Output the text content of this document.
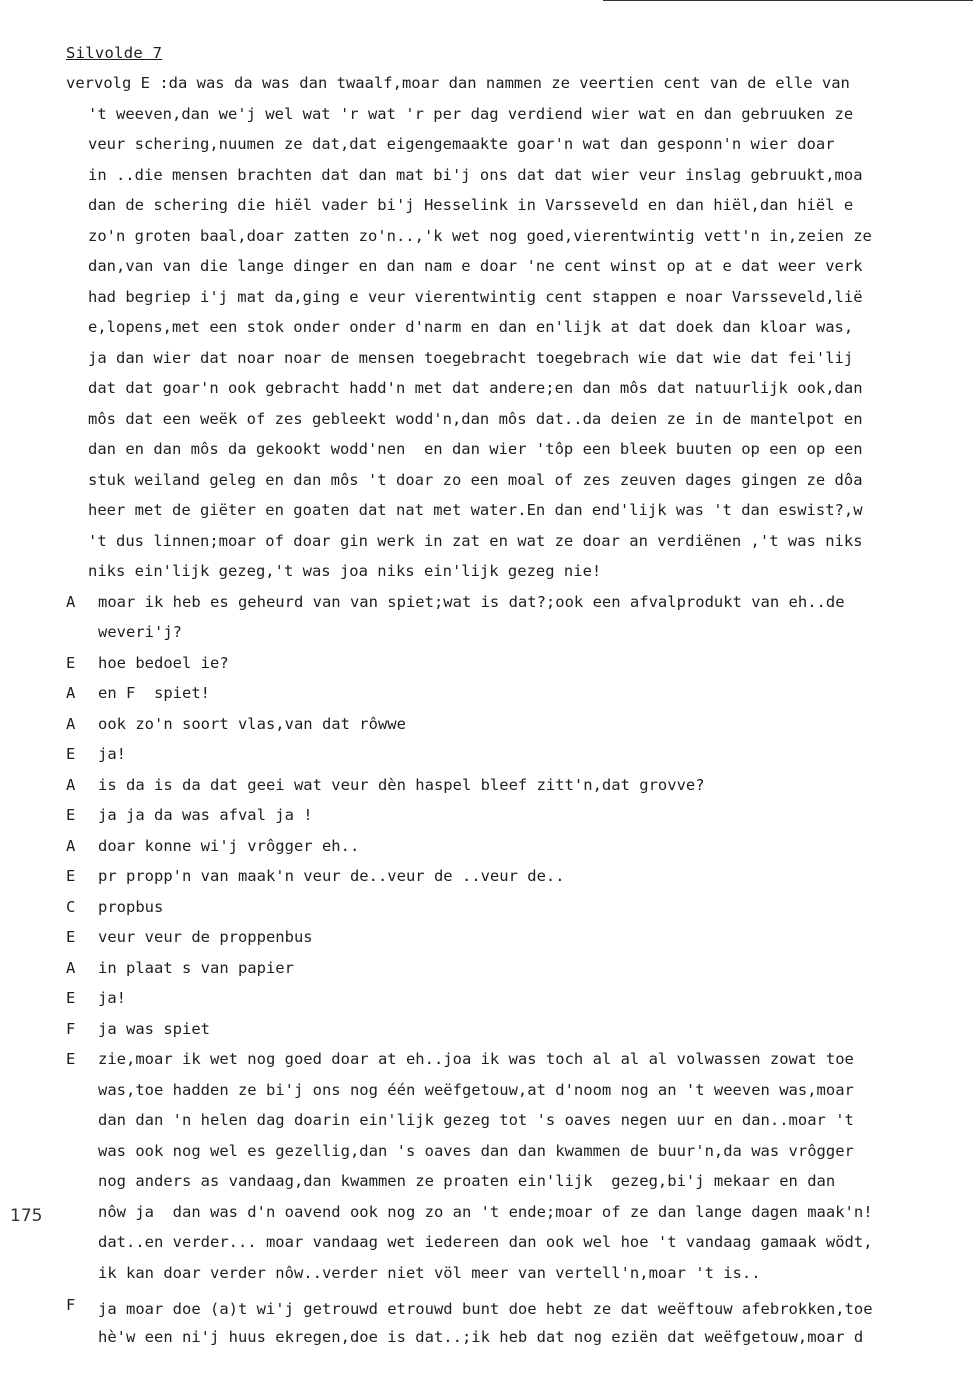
Silvolde 7
175
vervolg E :da was da was dan twaalf,moar dan nammen ze veertien cent van de elle van
't weeven,dan we'j wel wat 'r wat 'r per dag verdiend wier wat en dan gebruuken ze
veur schering,nuumen ze dat,dat eigengemaakte goar'n wat dan gesponn'n wier doar
in ..die mensen brachten dat dan mat bi'j ons dat dat wier veur inslag gebruukt,moa
dan de schering die hiël vader bi'j Hesselink in Varsseveld en dan hiël,dan hiël e
zo'n groten baal,doar zatten zo'n..,'k wet nog goed,vierentwintig vett'n in,zeien ze
dan,van van die lange dinger en dan nam e doar 'ne cent winst op at e dat weer verk
had begriep i'j mat da,ging e veur vierentwintig cent stappen e noar Varsseveld,lië
e,lopens,met een stok onder onder d'narm en dan en'lijk at dat doek dan kloar was,
ja dan wier dat noar noar de mensen toegebracht toegebrach wie dat wie dat fei'lij
dat dat goar'n ook gebracht hadd'n met dat andere;en dan môs dat natuurlijk ook,dan
môs dat een weëk of zes gebleekt wodd'n,dan môs dat..da deien ze in de mantelpot en
dan en dan môs da gekookt wodd'nen  en dan wier 'tôp een bleek buuten op een op een
stuk weiland geleg en dan môs 't doar zo een moal of zes zeuven dages gingen ze dôa
heer met de giëter en goaten dat nat met water.En dan end'lijk was 't dan eswist?,w
't dus linnen;moar of doar gin werk in zat en wat ze doar an verdiënen ,'t was niks
niks ein'lijk gezeg,'t was joa niks ein'lijk gezeg nie!
A moar ik heb es geheurd van van spiet;wat is dat?;ook een afvalprodukt van eh..de
weveri'j?
E hoe bedoel ie?
A en F  spiet!
A ook zo'n soort vlas,van dat rôwwe
E ja!
A is da is da dat geei wat veur dèn haspel bleef zitt'n,dat grovve?
E ja ja da was afval ja !
A doar konne wi'j vrôgger eh..
E pr propp'n van maak'n veur de..veur de ..veur de..
C propbus
E veur veur de proppenbus
A in plaat s van papier
E ja!
F ja was spiet
E zie,moar ik wet nog goed doar at eh..joa ik was toch al al al volwassen zowat toe
was,toe hadden ze bi'j ons nog één weëfgetouw,at d'noom nog an 't weeven was,moar
dan dan 'n helen dag doarin ein'lijk gezeg tot 's oaves negen uur en dan..moar 't
was ook nog wel es gezellig,dan 's oaves dan dan kwammen de buur'n,da was vrôgger
nog anders as vandaag,dan kwammen ze proaten ein'lijk  gezeg,bi'j mekaar en dan
nôw ja  dan was d'n oavend ook nog zo an 't ende;moar of ze dan lange dagen maak'n!
dat..en verder... moar vandaag wet iedereen dan ook wel hoe 't vandaag gamaak wödt,
ik kan doar verder nôw..verder niet völ meer van vertell'n,moar 't is..
F ja moar doe (a)t wi'j getrouwd etrouwd bunt doe hebt ze dat weëftouw afebrokken,toe
hè'w een ni'j huus ekregen,doe is dat..;ik heb dat nog eziën dat weëfgetouw,moar d
